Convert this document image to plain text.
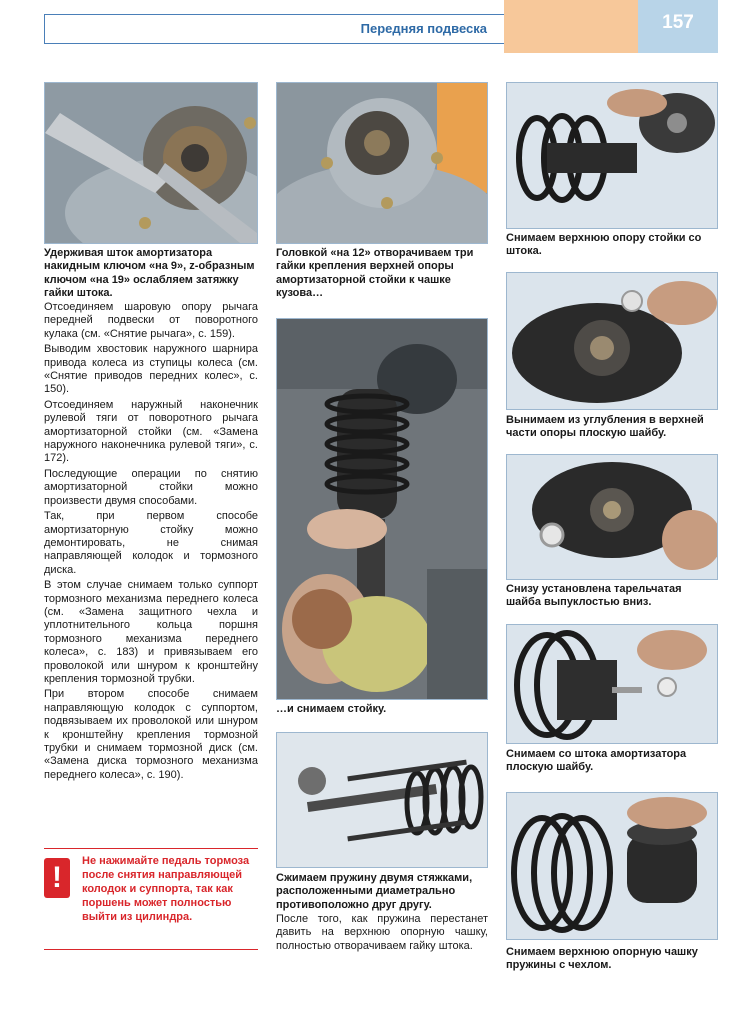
Передняя подвеска	157
Удерживая шток амортизатора накидным ключом «на 9», z-образным ключом «на 19» ослабляем затяжку гайки штока.

Отсоединяем шаровую опору рычага передней подвески от поворотного кулака (см. «Снятие рычага», с. 159).

Выводим хвостовик наружного шарнира привода колеса из ступицы колеса (см. «Снятие приводов передних колес», с. 150).

Отсоединяем наружный наконечник рулевой тяги от поворотного рычага амортизаторной стойки (см. «Замена наружного наконечника рулевой тяги», с. 172).

Последующие операции по снятию амортизаторной стойки можно произвести двумя способами.

Так, при первом способе амортизаторную стойку можно демонтировать, не снимая направляющей колодок и тормозного диска.

В этом случае снимаем только суппорт тормозного механизма переднего колеса (см. «Замена защитного чехла и уплотнительного кольца поршня тормозного механизма переднего колеса», с. 183) и привязываем его проволокой или шнуром к кронштейну крепления тормозной трубки.

При втором способе снимаем направляющую колодок с суппортом, подвязываем их проволокой или шнуром к кронштейну крепления тормозной трубки и снимаем тормозной диск (см. «Замена диска тормозного механизма переднего колеса», с. 190).

!	Не нажимайте педаль тормоза после снятия направляющей колодок и суппорта, так как поршень может полностью выйти из цилиндра.
Головкой «на 12» отворачиваем три гайки крепления верхней опоры амортизаторной стойки к чашке кузова…
…и снимаем стойку.
Сжимаем пружину двумя стяжками, расположенными диаметрально противоположно друг другу.

После того, как пружина перестанет давить на верхнюю опорную чашку, полностью отворачиваем гайку штока.

Снимаем верхнюю опору стойки со штока.
Вынимаем из углубления в верхней части опоры плоскую шайбу.
Снизу установлена тарельчатая шайба выпуклостью вниз.
Снимаем со штока амортизатора плоскую шайбу.
Снимаем верхнюю опорную чашку пружины с чехлом.
